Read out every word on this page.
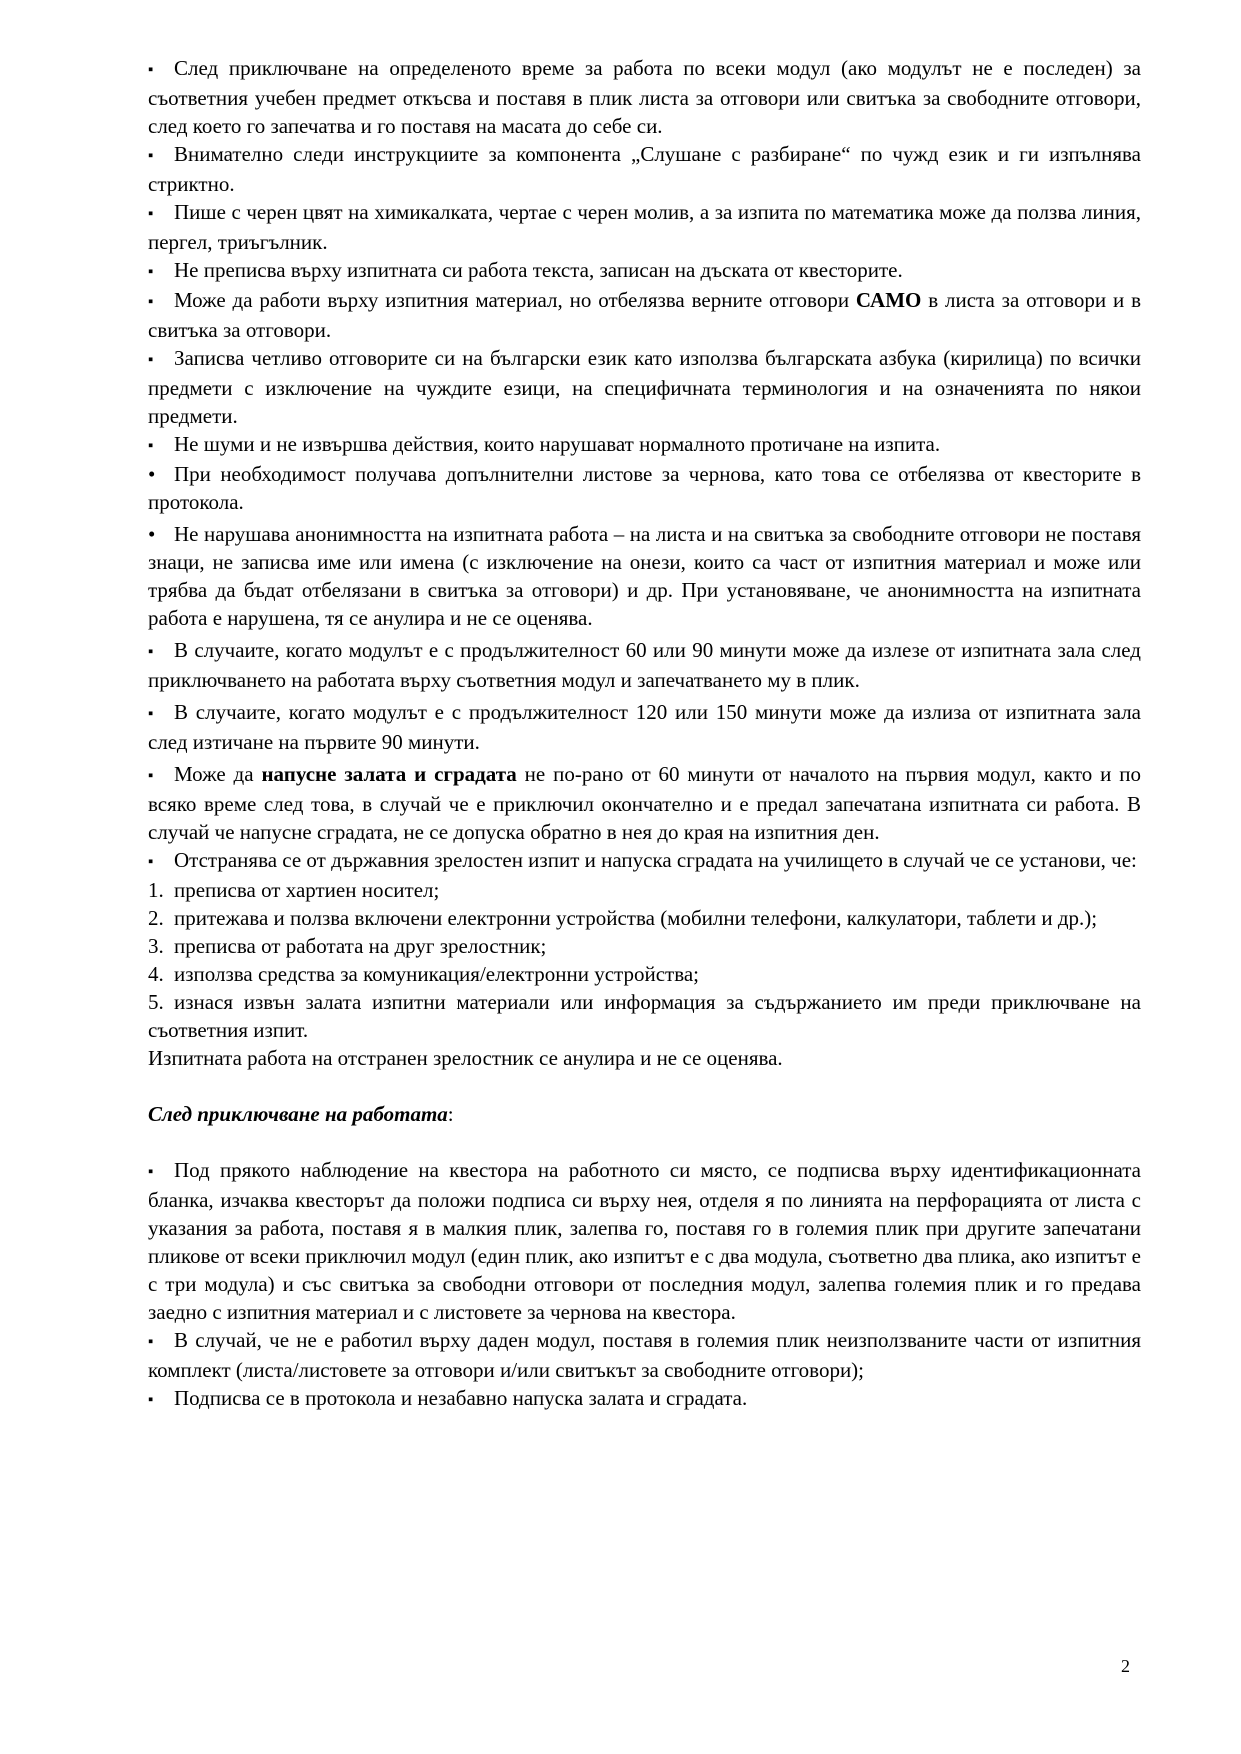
▪ След приключване на определеното време за работа по всеки модул (ако модулът не е последен) за съответния учебен предмет откъсва и поставя в плик листа за отговори или свитъка за свободните отговори, след което го запечатва и го поставя на масата до себе си.

▪ Внимателно следи инструкциите за компонента „Слушане с разбиране“ по чужд език и ги изпълнява стриктно.

▪ Пише с черен цвят на химикалката, чертае с черен молив, а за изпита по математика може да ползва линия, пергел, триъгълник.

▪ Не преписва върху изпитната си работа текста, записан на дъската от квесторите.

▪ Може да работи върху изпитния материал, но отбелязва верните отговори САМО в листа за отговори и в свитъка за отговори.

▪ Записва четливо отговорите си на български език като използва българската азбука (кирилица) по всички предмети с изключение на чуждите езици, на специфичната терминология и на означенията по някои предмети.

▪ Не шуми и не извършва действия, които нарушават нормалното протичане на изпита.

• При необходимост получава допълнителни листове за чернова, като това се отбелязва от квесторите в протокола.

• Не нарушава анонимността на изпитната работа – на листа и на свитъка за свободните отговори не поставя знаци, не записва име или имена (с изключение на онези, които са част от изпитния материал и може или трябва да бъдат отбелязани в свитъка за отговори) и др. При установяване, че анонимността на изпитната работа е нарушена, тя се анулира и не се оценява.

▪ В случаите, когато модулът е с продължителност 60 или 90 минути може да излезе от изпитната зала след приключването на работата върху съответния модул и запечатването му в плик.

▪ В случаите, когато модулът е с продължителност 120 или 150 минути може да излиза от изпитната зала след изтичане на първите 90 минути.

▪ Може да напусне залата и сградата не по-рано от 60 минути от началото на първия модул, както и по всяко време след това, в случай че е приключил окончателно и е предал запечатана изпитната си работа. В случай че напусне сградата, не се допуска обратно в нея до края на изпитния ден.

▪ Отстранява се от държавния зрелостен изпит и напуска сградата на училището в случай че се установи, че:

1. преписва от хартиен носител;

2. притежава и ползва включени електронни устройства (мобилни телефони, калкулатори, таблети и др.);

3. преписва от работата на друг зрелостник;

4. използва средства за комуникация/електронни устройства;

5. изнася извън залата изпитни материали или информация за съдържанието им преди приключване на съответния изпит.

Изпитната работа на отстранен зрелостник се анулира и не се оценява.

След приключване на работата:

▪ Под прякото наблюдение на квестора на работното си място, се подписва върху идентификационната бланка, изчаква квесторът да положи подписа си върху нея, отделя я по линията на перфорацията от листа с указания за работа, поставя я в малкия плик, залепва го, поставя го в големия плик при другите запечатани пликове от всеки приключил модул (един плик, ако изпитът е с два модула, съответно два плика, ако изпитът е с три модула) и със свитъка за свободни отговори от последния модул, залепва големия плик и го предава заедно с изпитния материал и с листовете за чернова на квестора.

▪ В случай, че не е работил върху даден модул, поставя в големия плик неизползваните части от изпитния комплект (листа/листовете за отговори и/или свитъкът за свободните отговори);

▪ Подписва се в протокола и незабавно напуска залата и сградата.

2
